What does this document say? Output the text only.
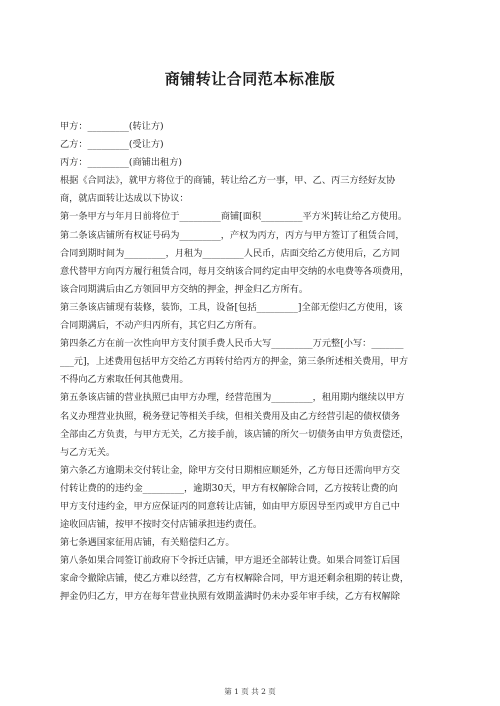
商铺转让合同范本标准版

甲方：_________(转让方)

乙方：_________(受让方)

丙方：_________(商铺出租方)

根据《合同法》，就甲方将位于的商铺，转让给乙方一事，甲、乙、丙三方经好友协

商，就店面转让达成以下协议：

第一条甲方与年月日前将位于_________商铺[面积_________平方米]转让给乙方使用。

第二条该店铺所有权证号码为_________，产权为丙方，丙方与甲方签订了租赁合同，

合同到期时间为_________，月租为_________人民币，店面交给乙方使用后，乙方同

意代替甲方向丙方履行租赁合同，每月交纳该合同约定由甲交纳的水电费等各项费用，

该合同期满后由乙方领回甲方交纳的押金，押金归乙方所有。

第三条该店铺现有装修，装饰，工具，设备[包括_________]全部无偿归乙方使用，该

合同期满后，不动产归丙所有，其它归乙方所有。

第四条乙方在前一次性向甲方支付顶手费人民币大写_________万元整[小写：_______

___元]，上述费用包括甲方交给乙方再转付给丙方的押金，第三条所述相关费用，甲方

不得向乙方索取任何其他费用。

第五条该店铺的营业执照已由甲方办理，经营范围为_________，租用期内继续以甲方

名义办理营业执照，税务登记等相关手续，但相关费用及由乙方经营引起的债权债务

全部由乙方负责，与甲方无关，乙方接手前，该店铺的所欠一切债务由甲方负责偿还，

与乙方无关。

第六条乙方逾期未交付转让金，除甲方交付日期相应顺延外，乙方每日还需向甲方交

付转让费的的违约金_________，逾期30天，甲方有权解除合同，乙方按转让费的向

甲方支付违约金，甲方应保证丙的同意转让店铺，如由甲方原因导至丙或甲方自己中

途收回店铺，按甲不按时交付店铺承担违约责任。

第七条遇国家征用店铺，有关赔偿归乙方。

第八条如果合同签订前政府下令拆迁店铺，甲方退还全部转让费。如果合同签订后国

家命令撤除店铺，使乙方难以经营，乙方有权解除合同，甲方退还剩余租期的转让费，

押金仍归乙方，甲方在每年营业执照有效期盖满时仍未办妥年审手续，乙方有权解除

第 1 页 共 2 页
